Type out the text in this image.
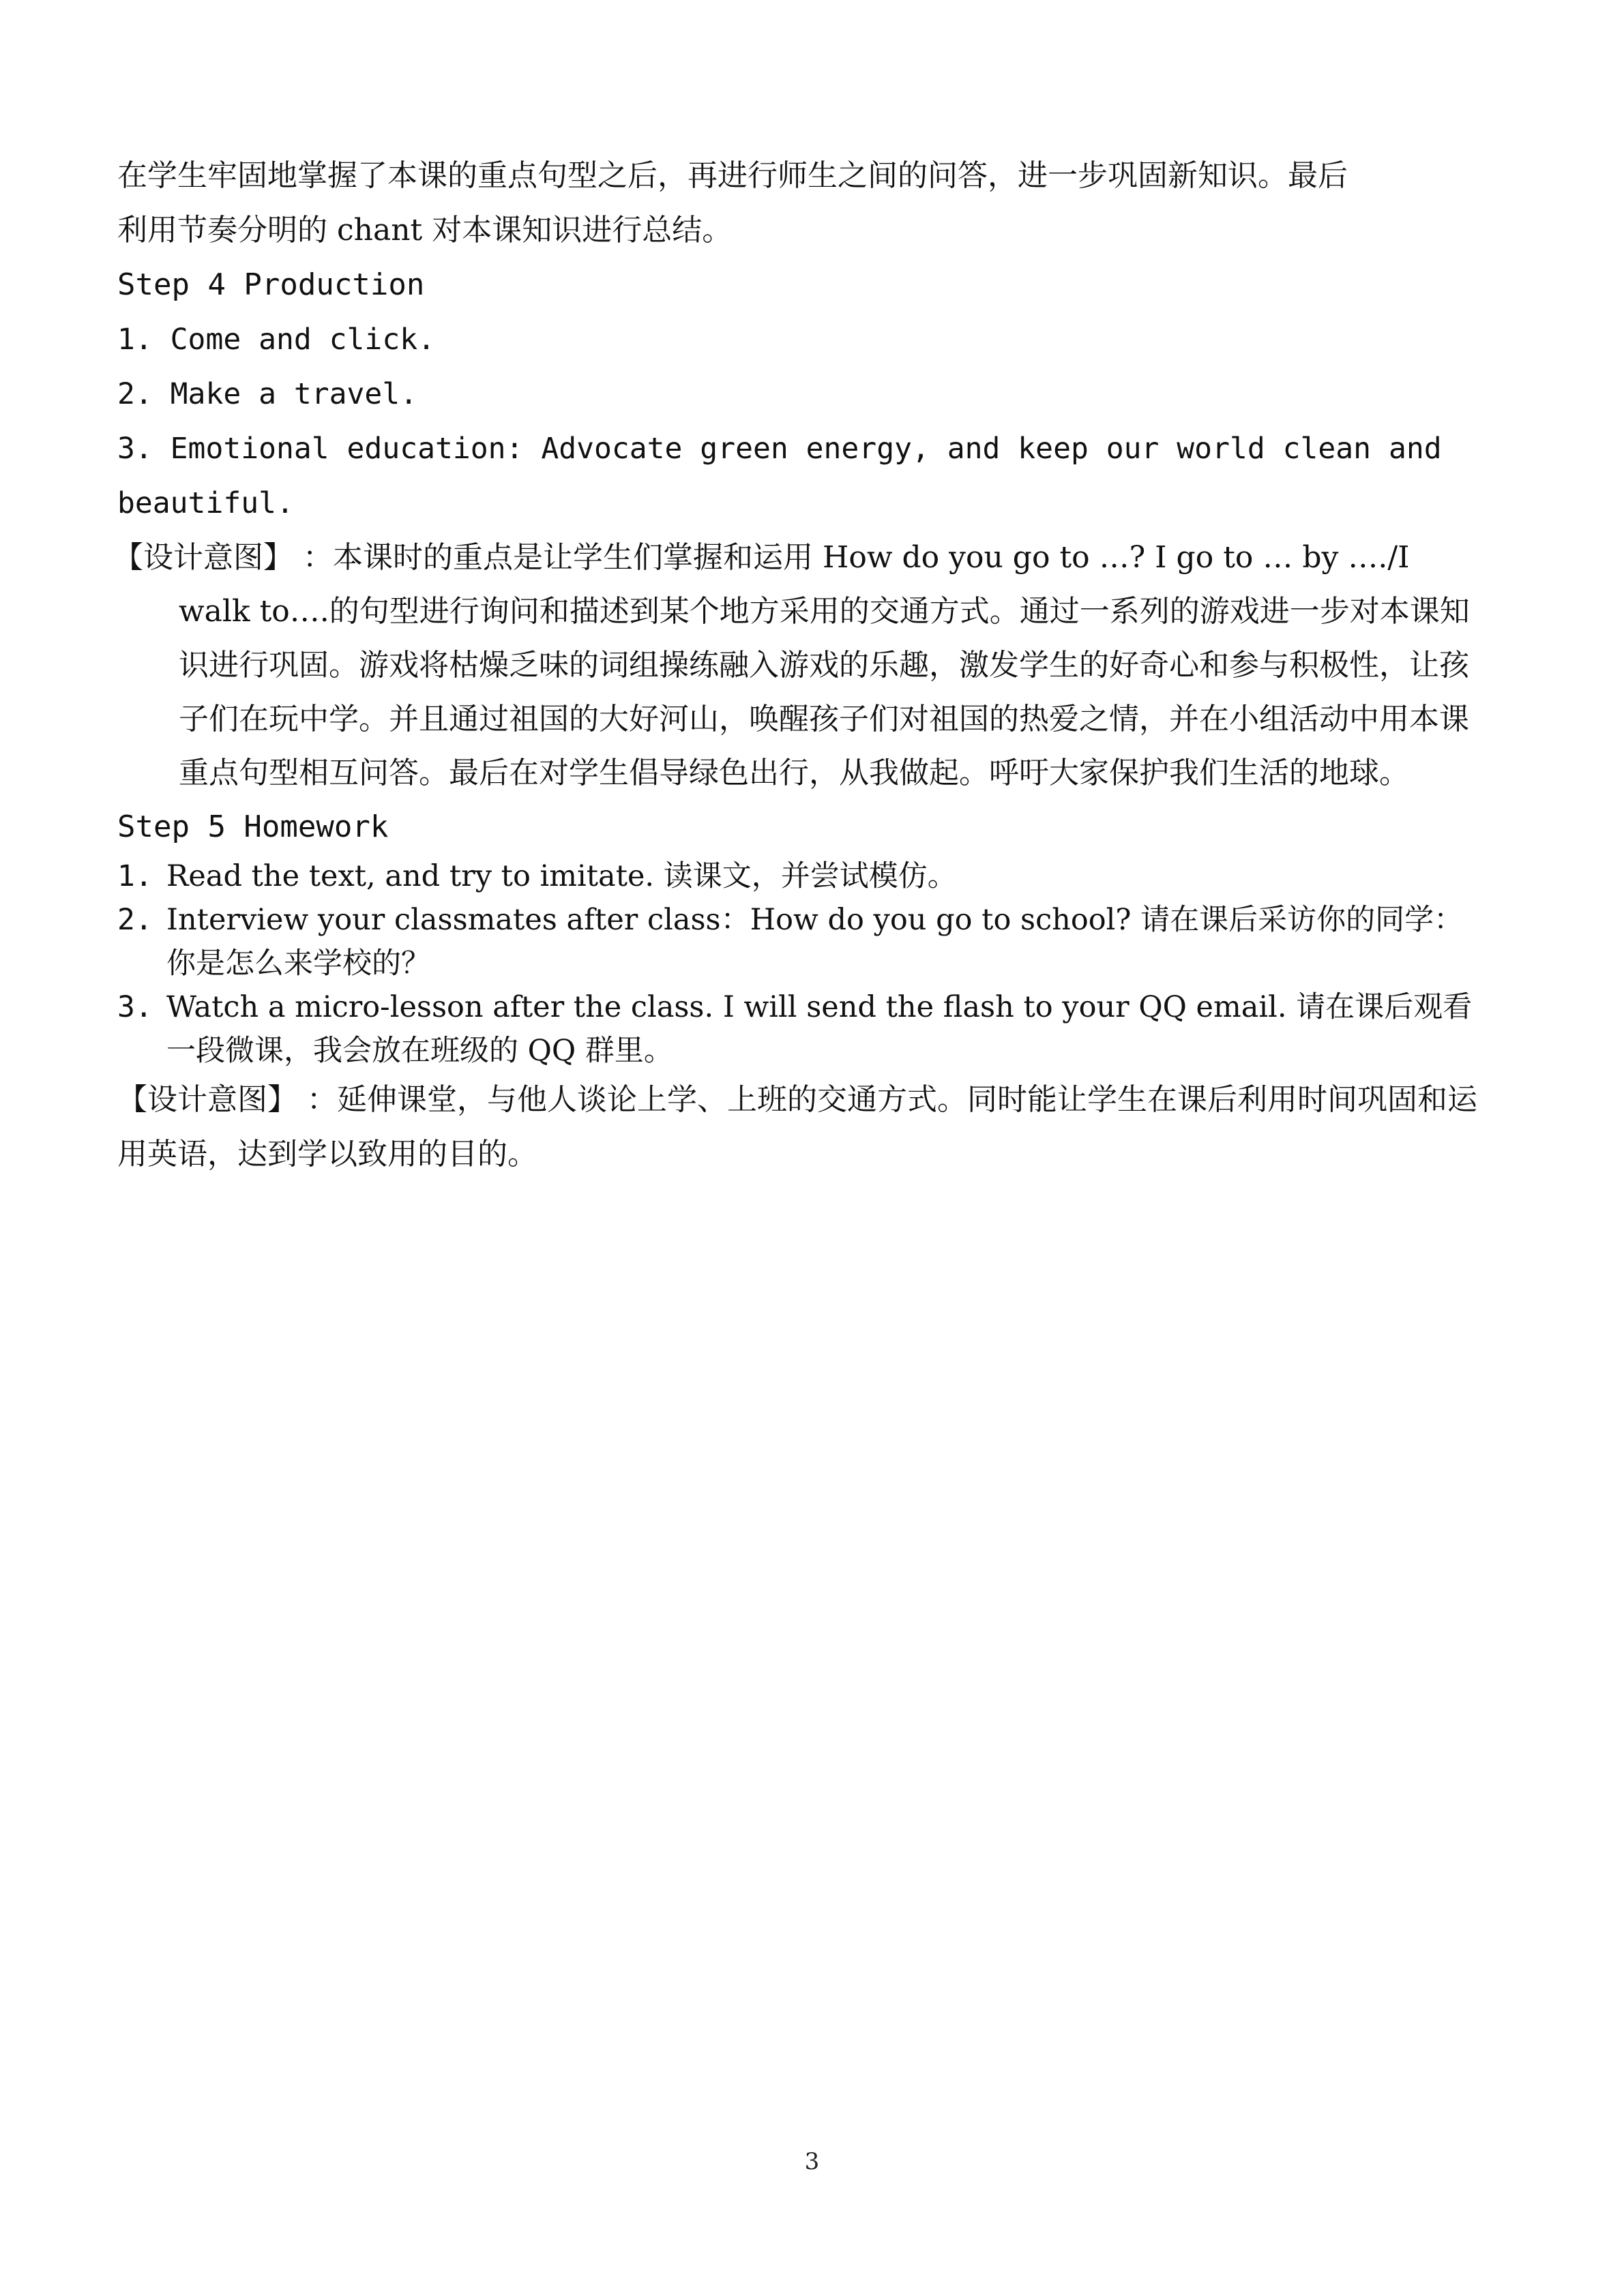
在学生牢固地掌握了本课的重点句型之后，再进行师生之间的问答，进一步巩固新知识。最后

利用节奏分明的 chant 对本课知识进行总结。

Step 4 Production

1. Come and click.

2. Make a travel.

3. Emotional education: Advocate green energy, and keep our world clean and beautiful.

【设计意图】 ：本课时的重点是让学生们掌握和运用 How do you go to …? I go to … by …./I walk to….的句型进行询问和描述到某个地方采用的交通方式。通过一系列的游戏进一步对本课知识进行巩固。游戏将枯燥乏味的词组操练融入游戏的乐趣，激发学生的好奇心和参与积极性，让孩子们在玩中学。并且通过祖国的大好河山，唤醒孩子们对祖国的热爱之情，并在小组活动中用本课重点句型相互问答。最后在对学生倡导绿色出行，从我做起。呼吁大家保护我们生活的地球。

Step 5 Homework

1. Read the text, and try to imitate. 读课文，并尝试模仿。

2. Interview your classmates after class：How do you go to school? 请在课后采访你的同学：你是怎么来学校的？

3. Watch a micro-lesson after the class. I will send the flash to your QQ email. 请在课后观看一段微课，我会放在班级的 QQ 群里。

【设计意图】 ：延伸课堂，与他人谈论上学、上班的交通方式。同时能让学生在课后利用时间巩固和运用英语，达到学以致用的目的。

3
